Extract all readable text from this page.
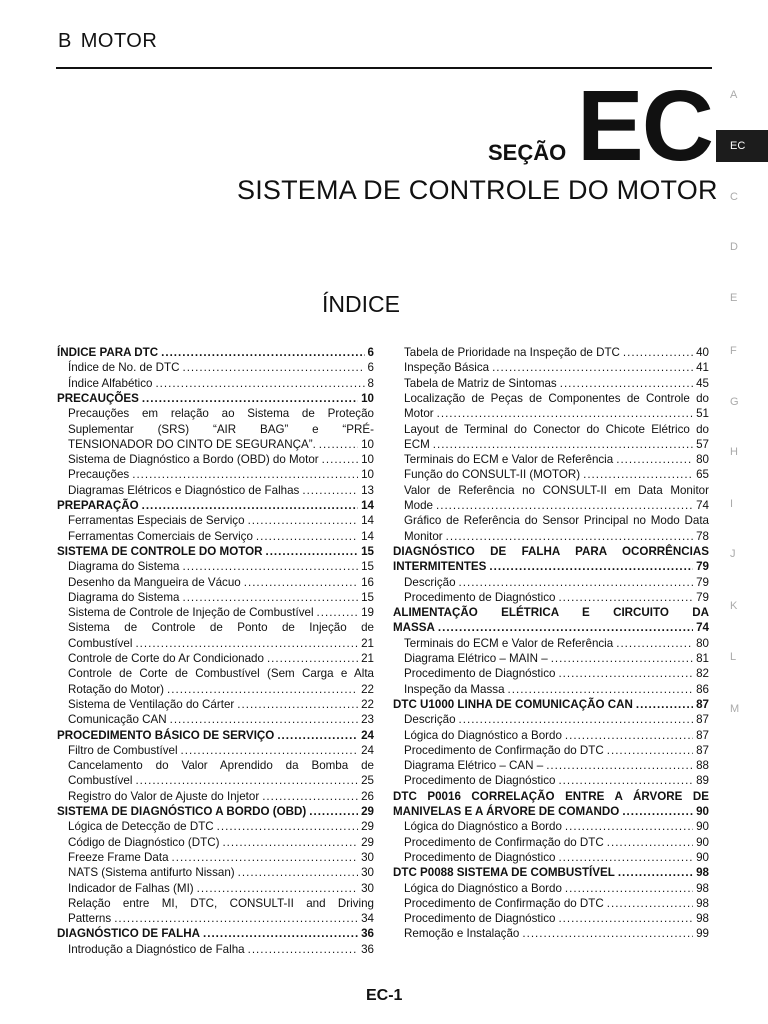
B MOTOR
SEÇÃO EC
SISTEMA DE CONTROLE DO MOTOR
ÍNDICE
A
EC
C
D
E
F
G
H
I
J
K
L
M
ÍNDICE PARA DTC .....	6
Índice de No. de DTC .....	6
Índice Alfabético .....	8
PRECAUÇÕES .....	10
Precauções em relação ao Sistema de Proteção
Suplementar (SRS) “AIR BAG” e “PRÉ-
TENSIONADOR DO CINTO DE SEGURANÇA”. .....	10
Sistema de Diagnóstico a Bordo (OBD) do Motor .....	10
Precauções .....	10
Diagramas Elétricos e Diagnóstico de Falhas .....	13
PREPARAÇÃO .....	14
Ferramentas Especiais de Serviço .....	14
Ferramentas Comerciais de Serviço .....	14
SISTEMA DE CONTROLE DO MOTOR .....	15
Diagrama do Sistema .....	15
Desenho da Mangueira de Vácuo .....	16
Diagrama do Sistema .....	15
Sistema de Controle de Injeção de Combustível .....	19
Sistema de Controle de Ponto de Injeção de
Combustível .....	21
Controle de Corte do Ar Condicionado .....	21
Controle de Corte de Combustível (Sem Carga e Alta
Rotação do Motor) .....	22
Sistema de Ventilação do Cárter .....	22
Comunicação CAN .....	23
PROCEDIMENTO BÁSICO DE SERVIÇO .....	24
Filtro de Combustível .....	24
Cancelamento do Valor Aprendido da Bomba de
Combustível .....	25
Registro do Valor de Ajuste do Injetor .....	26
SISTEMA DE DIAGNÓSTICO A BORDO (OBD) .....	29
Lógica de Detecção de DTC .....	29
Código de Diagnóstico (DTC) .....	29
Freeze Frame Data .....	30
NATS (Sistema antifurto Nissan) .....	30
Indicador de Falhas (MI) .....	30
Relação entre MI, DTC, CONSULT-II and Driving
Patterns .....	34
DIAGNÓSTICO DE FALHA .....	36
Introdução a Diagnóstico de Falha .....	36
Tabela de Prioridade na Inspeção de DTC .....	40
Inspeção Básica .....	41
Tabela de Matriz de Sintomas .....	45
Localização de Peças de Componentes de Controle do
Motor .....	51
Layout de Terminal do Conector do Chicote Elétrico do
ECM .....	57
Terminais do ECM e Valor de Referência .....	80
Função do CONSULT-II (MOTOR) .....	65
Valor de Referência no CONSULT-II em Data Monitor
Mode .....	74
Gráfico de Referência do Sensor Principal no Modo Data
Monitor .....	78
DIAGNÓSTICO DE FALHA PARA OCORRÊNCIAS
INTERMITENTES .....	79
Descrição .....	79
Procedimento de Diagnóstico .....	79
ALIMENTAÇÃO ELÉTRICA E CIRCUITO DA
MASSA .....	74
Terminais do ECM e Valor de Referência .....	80
Diagrama Elétrico – MAIN – .....	81
Procedimento de Diagnóstico .....	82
Inspeção da Massa .....	86
DTC U1000 LINHA DE COMUNICAÇÃO CAN .....	87
Descrição .....	87
Lógica do Diagnóstico a Bordo .....	87
Procedimento de Confirmação do DTC .....	87
Diagrama Elétrico – CAN – .....	88
Procedimento de Diagnóstico .....	89
DTC P0016 CORRELAÇÃO ENTRE A ÁRVORE DE
MANIVELAS E A ÁRVORE DE COMANDO .....	90
Lógica do Diagnóstico a Bordo .....	90
Procedimento de Confirmação do DTC .....	90
Procedimento de Diagnóstico .....	90
DTC P0088 SISTEMA DE COMBUSTÍVEL .....	98
Lógica do Diagnóstico a Bordo .....	98
Procedimento de Confirmação do DTC .....	98
Procedimento de Diagnóstico .....	98
Remoção e Instalação .....	99
EC-1
